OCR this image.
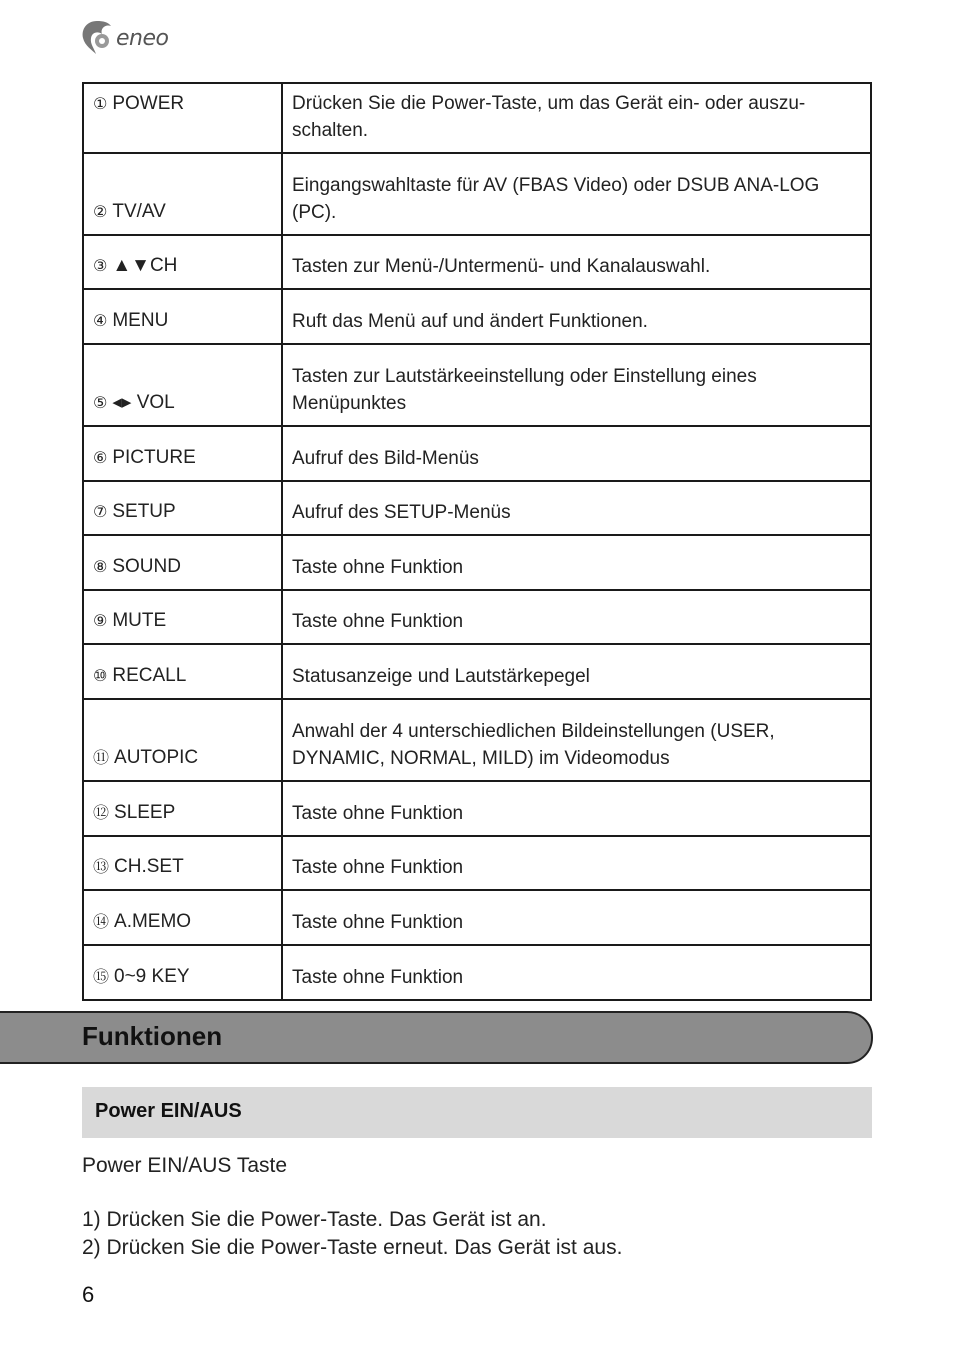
eneo
① POWER	Drücken Sie die Power-Taste, um das Gerät ein- oder auszu-schalten.
② TV/AV	Eingangswahltaste für AV (FBAS Video) oder DSUB ANA-LOG (PC).
③ ▲▼CH	Tasten zur Menü-/Untermenü- und Kanalauswahl.
④ MENU	Ruft das Menü auf und ändert Funktionen.
⑤ ◂▸ VOL	Tasten zur Lautstärkeeinstellung oder Einstellung eines Menüpunktes
⑥ PICTURE	Aufruf des Bild-Menüs
⑦ SETUP	Aufruf des SETUP-Menüs
⑧ SOUND	Taste ohne Funktion
⑨ MUTE	Taste ohne Funktion
⑩ RECALL	Statusanzeige und Lautstärkepegel
⑪ AUTOPIC	Anwahl der 4 unterschiedlichen Bildeinstellungen (USER, DYNAMIC, NORMAL, MILD) im Videomodus
⑫ SLEEP	Taste ohne Funktion
⑬ CH.SET	Taste ohne Funktion
⑭ A.MEMO	Taste ohne Funktion
⑮ 0~9 KEY	Taste ohne Funktion
Funktionen
Power EIN/AUS

Power EIN/AUS Taste

1) Drücken Sie die Power-Taste. Das Gerät ist an.

2) Drücken Sie die Power-Taste erneut. Das Gerät ist aus.

6
